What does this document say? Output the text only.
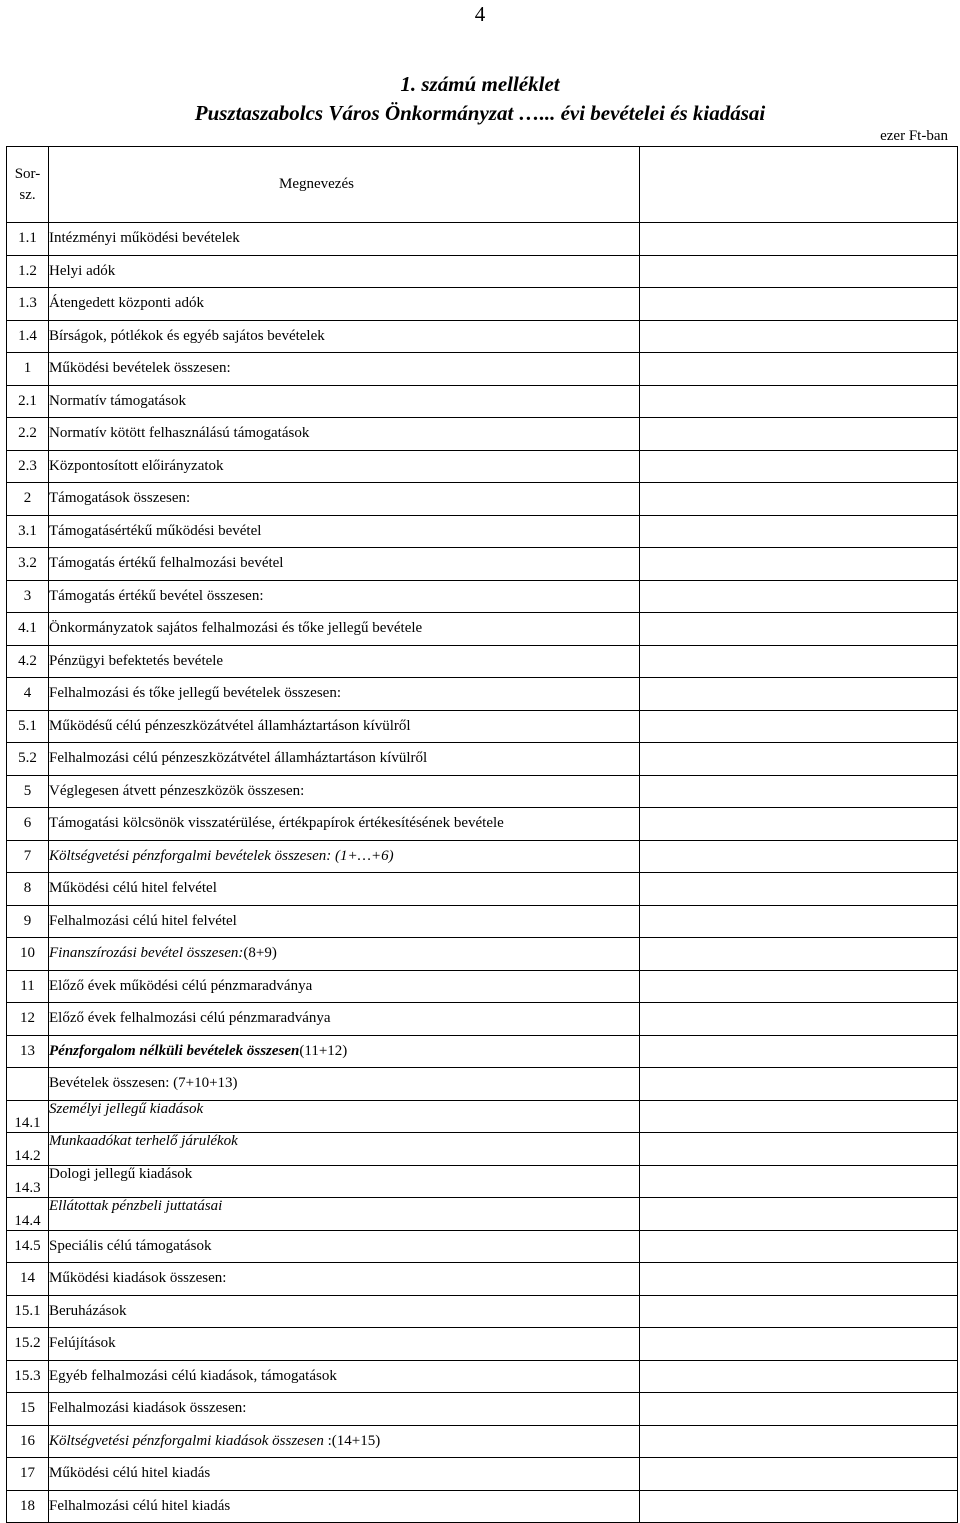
4
1. számú melléklet
Pusztaszabolcs Város Önkormányzat …... évi bevételei és kiadásai
ezer Ft-ban
Sor-
sz.	Megnevezés	
1.1	Intézményi működési bevételek	
1.2	Helyi adók	
1.3	Átengedett központi adók	
1.4	Bírságok, pótlékok és egyéb sajátos bevételek	
1	Működési bevételek összesen:	
2.1	Normatív támogatások	
2.2	Normatív kötött felhasználású támogatások	
2.3	Központosított előirányzatok	
2	Támogatások összesen:	
3.1	Támogatásértékű működési bevétel	
3.2	Támogatás értékű felhalmozási bevétel	
3	Támogatás értékű bevétel összesen:	
4.1	Önkormányzatok sajátos felhalmozási és tőke jellegű bevétele	
4.2	Pénzügyi befektetés bevétele	
4	Felhalmozási és tőke jellegű bevételek összesen:	
5.1	Működésű célú pénzeszközátvétel államháztartáson kívülről	
5.2	Felhalmozási célú pénzeszközátvétel államháztartáson kívülről	
5	Véglegesen átvett pénzeszközök összesen:	
6	Támogatási kölcsönök visszatérülése, értékpapírok értékesítésének bevétele	
7	Költségvetési pénzforgalmi bevételek összesen: (1+…+6)	
8	Működési célú hitel felvétel	
9	Felhalmozási célú hitel felvétel	
10	Finanszírozási bevétel összesen:(8+9)	
11	Előző évek működési célú pénzmaradványa	
12	Előző évek felhalmozási célú pénzmaradványa	
13	Pénzforgalom nélküli bevételek összesen(11+12)	
	Bevételek összesen: (7+10+13)	
14.1	Személyi jellegű kiadások	
14.2	Munkaadókat terhelő járulékok	
14.3	Dologi jellegű kiadások	
14.4	Ellátottak pénzbeli juttatásai	
14.5	Speciális célú támogatások	
14	Működési kiadások összesen:	
15.1	Beruházások	
15.2	Felújítások	
15.3	Egyéb felhalmozási célú kiadások, támogatások	
15	Felhalmozási kiadások összesen:	
16	Költségvetési pénzforgalmi kiadások összesen :(14+15)	
17	Működési célú hitel kiadás	
18	Felhalmozási célú hitel kiadás	
